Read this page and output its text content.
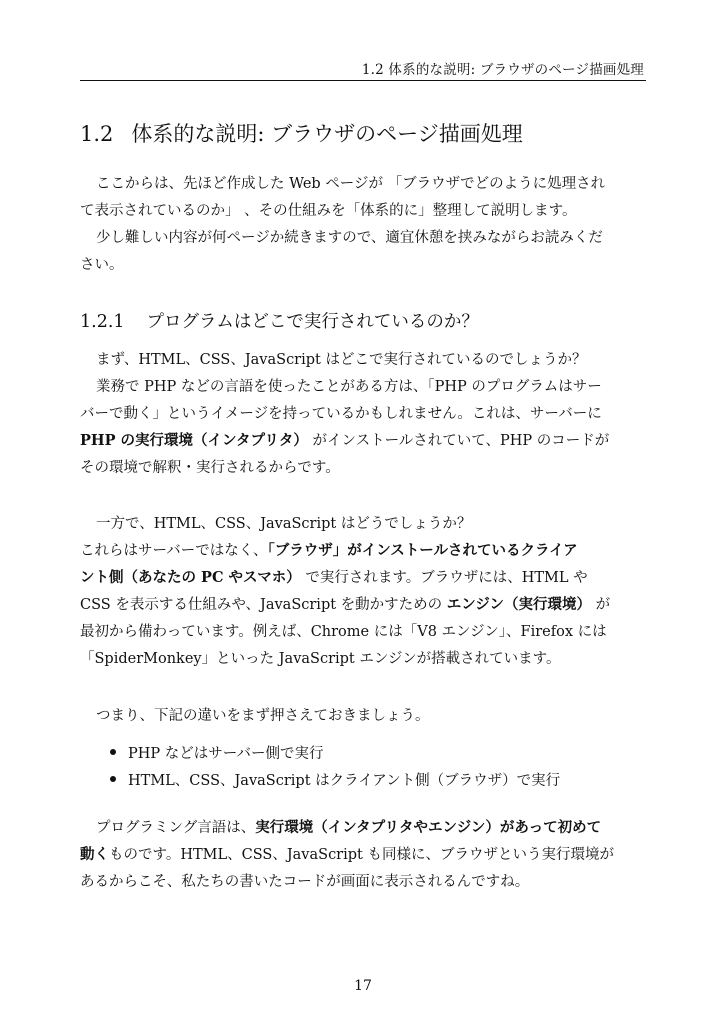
1.2 体系的な説明: ブラウザのページ描画処理
1.2 体系的な説明: ブラウザのページ描画処理
ここからは、先ほど作成した Web ページが 「ブラウザでどのように処理され
て表示されているのか」 、その仕組みを「体系的に」整理して説明します。
少し難しい内容が何ページか続きますので、適宜休憩を挟みながらお読みくだ
さい。
1.2.1 プログラムはどこで実行されているのか？
まず、HTML、CSS、JavaScript はどこで実行されているのでしょうか？
業務で PHP などの言語を使ったことがある方は、「PHP のプログラムはサー
バーで動く」というイメージを持っているかもしれません。これは、サーバーに
PHP の実行環境（インタプリタ） がインストールされていて、PHP のコードが
その環境で解釈・実行されるからです。
一方で、HTML、CSS、JavaScript はどうでしょうか？
これらはサーバーではなく、「ブラウザ」がインストールされているクライア
ント側（あなたの PC やスマホ） で実行されます。ブラウザには、HTML や
CSS を表示する仕組みや、JavaScript を動かすための エンジン（実行環境） が
最初から備わっています。例えば、Chrome には「V8 エンジン」、Firefox には
「SpiderMonkey」といった JavaScript エンジンが搭載されています。
つまり、下記の違いをまず押さえておきましょう。
PHP などはサーバー側で実行
HTML、CSS、JavaScript はクライアント側（ブラウザ）で実行
プログラミング言語は、実行環境（インタプリタやエンジン）があって初めて
動くものです。HTML、CSS、JavaScript も同様に、ブラウザという実行環境が
あるからこそ、私たちの書いたコードが画面に表示されるんですね。
17
